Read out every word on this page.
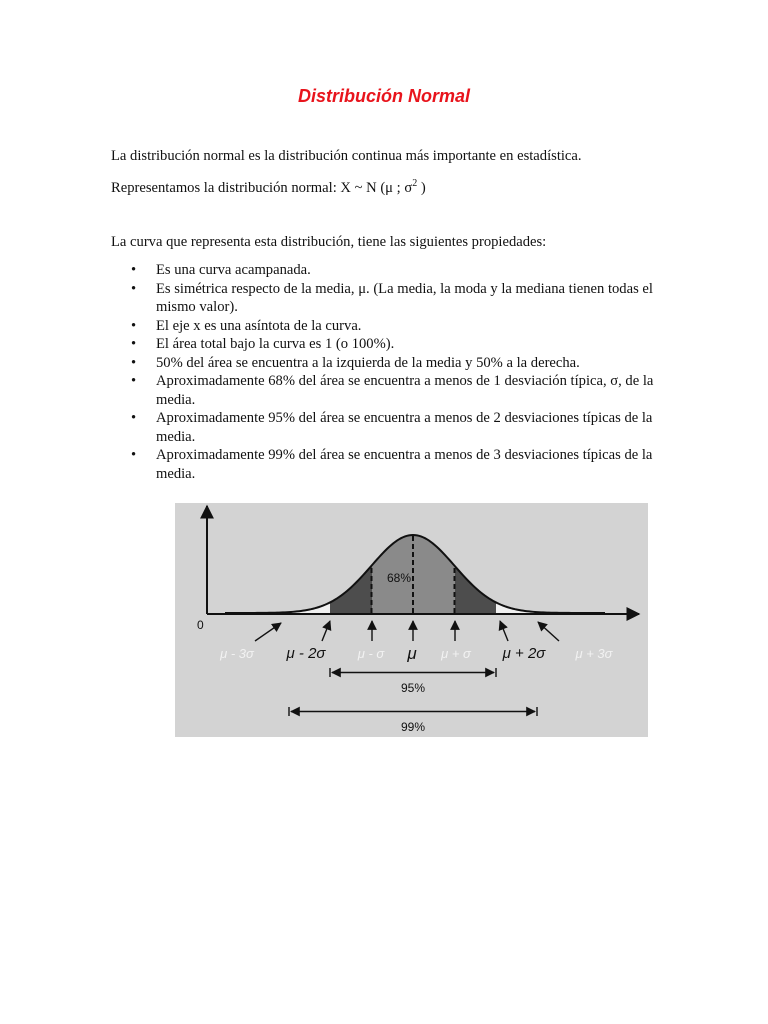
Distribución Normal
La distribución normal es la distribución continua más importante en estadística.
Representamos la distribución normal: X ~ N (μ ; $\sigma^2$ )
La curva que representa esta distribución, tiene las siguientes propiedades:
• Es una curva acampanada.
• Es simétrica respecto de la media, μ. (La media, la moda y la mediana tienen todas el mismo valor).
• El eje x es una asíntota de la curva.
• El área total bajo la curva es 1 (o 100%).
• 50% del área se encuentra a la izquierda de la media y 50% a la derecha.
• Aproximadamente 68% del área se encuentra a menos de 1 desviación típica, σ, de la media.
• Aproximadamente 95% del área se encuentra a menos de 2 desviaciones típicas de la media.
• Aproximadamente 99% del área se encuentra a menos de 3 desviaciones típicas de la media.
68%
0
μ - 3σ μ - 2σ μ - σ μ μ + σ μ + 2σ μ + 3σ
95%
99%
